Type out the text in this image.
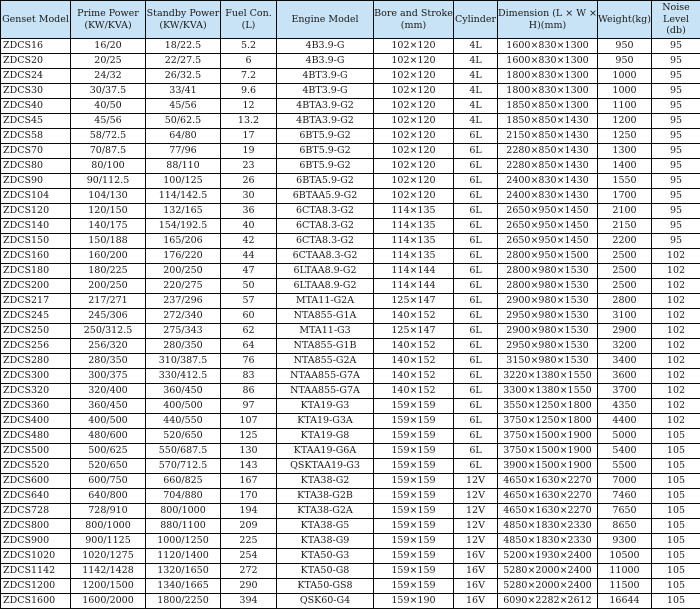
Genset Model	Prime Power (KW/KVA)	Standby Power (KW/KVA)	Fuel Con. (L)	Engine Model	Bore and Stroke (mm)	Cylinder	Dimension (L × W × H)(mm)	Weight(kg)	Noise Level (db)
ZDCS16	16/20	18/22.5	5.2	4B3.9-G	102×120	4L	1600×830×1300	950	95
ZDCS20	20/25	22/27.5	6	4B3.9-G	102×120	4L	1600×830×1300	950	95
ZDCS24	24/32	26/32.5	7.2	4BT3.9-G	102×120	4L	1800×830×1300	1000	95
ZDCS30	30/37.5	33/41	9.6	4BT3.9-G	102×120	4L	1800×830×1300	1000	95
ZDCS40	40/50	45/56	12	4BTA3.9-G2	102×120	4L	1850×850×1300	1100	95
ZDCS45	45/56	50/62.5	13.2	4BTA3.9-G2	102×120	4L	1850×850×1430	1200	95
ZDCS58	58/72.5	64/80	17	6BT5.9-G2	102×120	6L	2150×850×1430	1250	95
ZDCS70	70/87.5	77/96	19	6BT5.9-G2	102×120	6L	2280×850×1430	1300	95
ZDCS80	80/100	88/110	23	6BT5.9-G2	102×120	6L	2280×850×1430	1400	95
ZDCS90	90/112.5	100/125	26	6BTA5.9-G2	102×120	6L	2400×830×1430	1550	95
ZDCS104	104/130	114/142.5	30	6BTAA5.9-G2	102×120	6L	2400×830×1430	1700	95
ZDCS120	120/150	132/165	36	6CTA8.3-G2	114×135	6L	2650×950×1450	2100	95
ZDCS140	140/175	154/192.5	40	6CTA8.3-G2	114×135	6L	2650×950×1450	2150	95
ZDCS150	150/188	165/206	42	6CTA8.3-G2	114×135	6L	2650×950×1450	2200	95
ZDCS160	160/200	176/220	44	6CTAA8.3-G2	114×135	6L	2800×950×1500	2500	102
ZDCS180	180/225	200/250	47	6LTAA8.9-G2	114×144	6L	2800×980×1530	2500	102
ZDCS200	200/250	220/275	50	6LTAA8.9-G2	114×144	6L	2800×980×1530	2500	102
ZDCS217	217/271	237/296	57	MTA11-G2A	125×147	6L	2900×980×1530	2800	102
ZDCS245	245/306	272/340	60	NTA855-G1A	140×152	6L	2950×980×1530	3100	102
ZDCS250	250/312.5	275/343	62	MTA11-G3	125×147	6L	2900×980×1530	2900	102
ZDCS256	256/320	280/350	64	NTA855-G1B	140×152	6L	2950×980×1530	3200	102
ZDCS280	280/350	310/387.5	76	NTA855-G2A	140×152	6L	3150×980×1530	3400	102
ZDCS300	300/375	330/412.5	83	NTAA855-G7A	140×152	6L	3220×1380×1550	3600	102
ZDCS320	320/400	360/450	86	NTAA855-G7A	140×152	6L	3300×1380×1550	3700	102
ZDCS360	360/450	400/500	97	KTA19-G3	159×159	6L	3550×1250×1800	4350	102
ZDCS400	400/500	440/550	107	KTA19-G3A	159×159	6L	3750×1250×1800	4400	102
ZDCS480	480/600	520/650	125	KTA19-G8	159×159	6L	3750×1500×1900	5000	105
ZDCS500	500/625	550/687.5	130	KTAA19-G6A	159×159	6L	3750×1500×1900	5400	105
ZDCS520	520/650	570/712.5	143	QSKTAA19-G3	159×159	6L	3900×1500×1900	5500	105
ZDCS600	600/750	660/825	167	KTA38-G2	159×159	12V	4650×1630×2270	7000	105
ZDCS640	640/800	704/880	170	KTA38-G2B	159×159	12V	4650×1630×2270	7460	105
ZDCS728	728/910	800/1000	194	KTA38-G2A	159×159	12V	4650×1630×2270	7650	105
ZDCS800	800/1000	880/1100	209	KTA38-G5	159×159	12V	4850×1830×2330	8650	105
ZDCS900	900/1125	1000/1250	225	KTA38-G9	159×159	12V	4850×1830×2330	9300	105
ZDCS1020	1020/1275	1120/1400	254	KTA50-G3	159×159	16V	5200×1930×2400	10500	105
ZDCS1142	1142/1428	1320/1650	272	KTA50-G8	159×159	16V	5280×2000×2400	11000	105
ZDCS1200	1200/1500	1340/1665	290	KTA50-GS8	159×159	16V	5280×2000×2400	11500	105
ZDCS1600	1600/2000	1800/2250	394	QSK60-G4	159×190	16V	6090×2282×2612	16644	105
